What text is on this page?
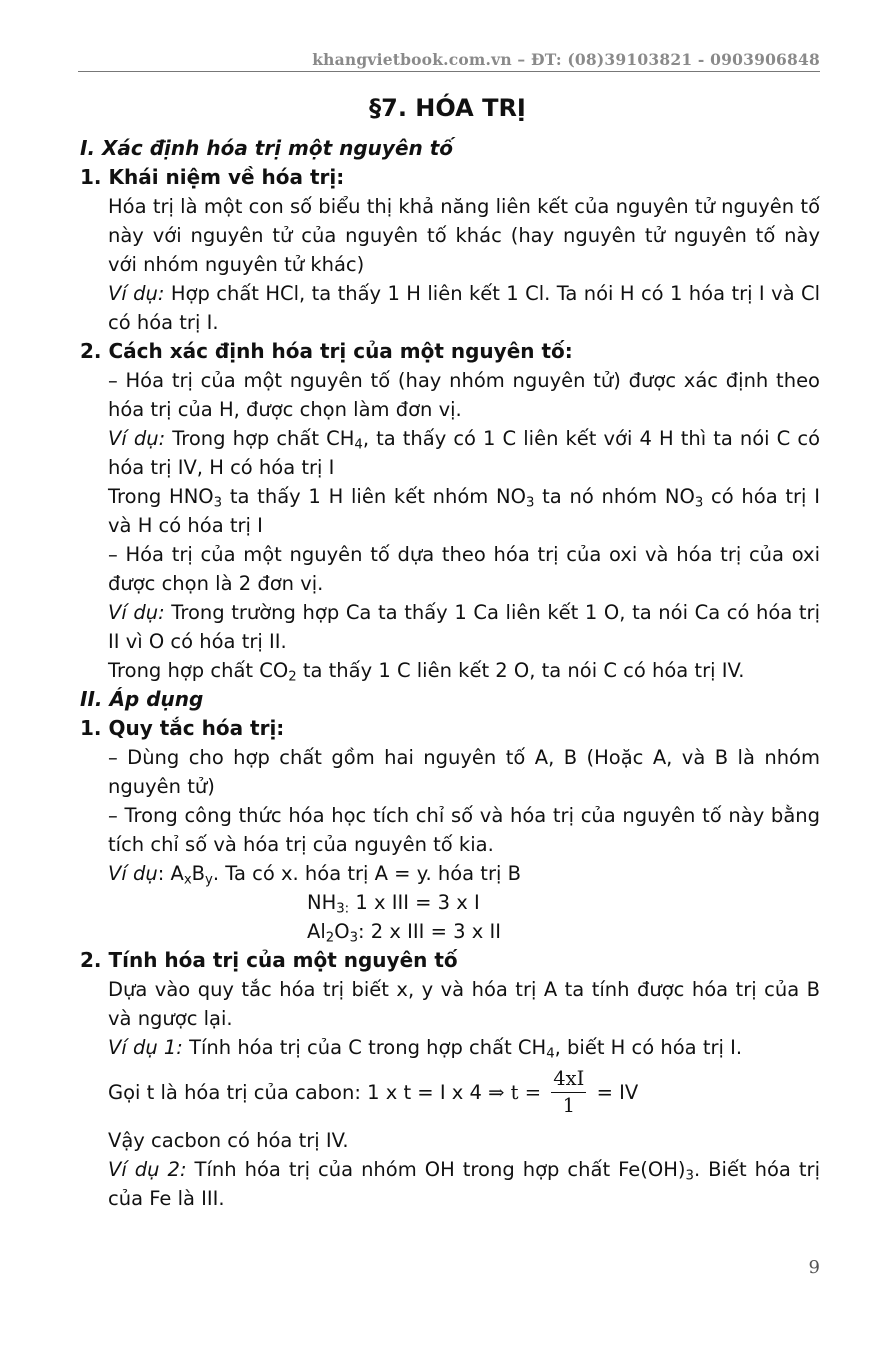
khangvietbook.com.vn – ĐT: (08)39103821 - 0903906848
§7. HÓA TRỊ

I. Xác định hóa trị một nguyên tố

1. Khái niệm về hóa trị:

Hóa trị là một con số biểu thị khả năng liên kết của nguyên tử nguyên tố này với nguyên tử của nguyên tố khác (hay nguyên tử nguyên tố này với nhóm nguyên tử khác)

Ví dụ: Hợp chất HCl, ta thấy 1 H liên kết 1 Cl. Ta nói H có 1 hóa trị I và Cl có hóa trị I.

2. Cách xác định hóa trị của một nguyên tố:

– Hóa trị của một nguyên tố (hay nhóm nguyên tử) được xác định theo hóa trị của H, được chọn làm đơn vị.

Ví dụ: Trong hợp chất $CH_4$, ta thấy có 1 C liên kết với 4 H thì ta nói C có hóa trị IV, H có hóa trị I

Trong $HNO_3$ ta thấy 1 H liên kết nhóm $NO_3$ ta nó nhóm $NO_3$ có hóa trị I và H có hóa trị I

– Hóa trị của một nguyên tố dựa theo hóa trị của oxi và hóa trị của oxi được chọn là 2 đơn vị.

Ví dụ: Trong trường hợp Ca ta thấy 1 Ca liên kết 1 O, ta nói Ca có hóa trị II vì O có hóa trị II.

Trong hợp chất $CO_2$ ta thấy 1 C liên kết 2 O, ta nói C có hóa trị IV.

II. Áp dụng

1. Quy tắc hóa trị:

– Dùng cho hợp chất gồm hai nguyên tố A, B (Hoặc A, và B là nhóm nguyên tử)

– Trong công thức hóa học tích chỉ số và hóa trị của nguyên tố này bằng tích chỉ số và hóa trị của nguyên tố kia.

Ví dụ: $A_xB_y$. Ta có x. hóa trị A = y. hóa trị B

$NH_{3:}$ 1 x III = 3 x I

$Al_2O_3$: 2 x III = 3 x II

2. Tính hóa trị của một nguyên tố

Dựa vào quy tắc hóa trị biết x, y và hóa trị A ta tính được hóa trị của B và ngược lại.

Ví dụ 1: Tính hóa trị của C trong hợp chất $CH_4$, biết H có hóa trị I.

Gọi t là hóa trị của cabon: 1 x t = I x 4 ⇒ $t = \frac{4xI}{1}$ = IV

Vậy cacbon có hóa trị IV.

Ví dụ 2: Tính hóa trị của nhóm OH trong hợp chất $Fe(OH)_3$. Biết hóa trị của Fe là III.

9
